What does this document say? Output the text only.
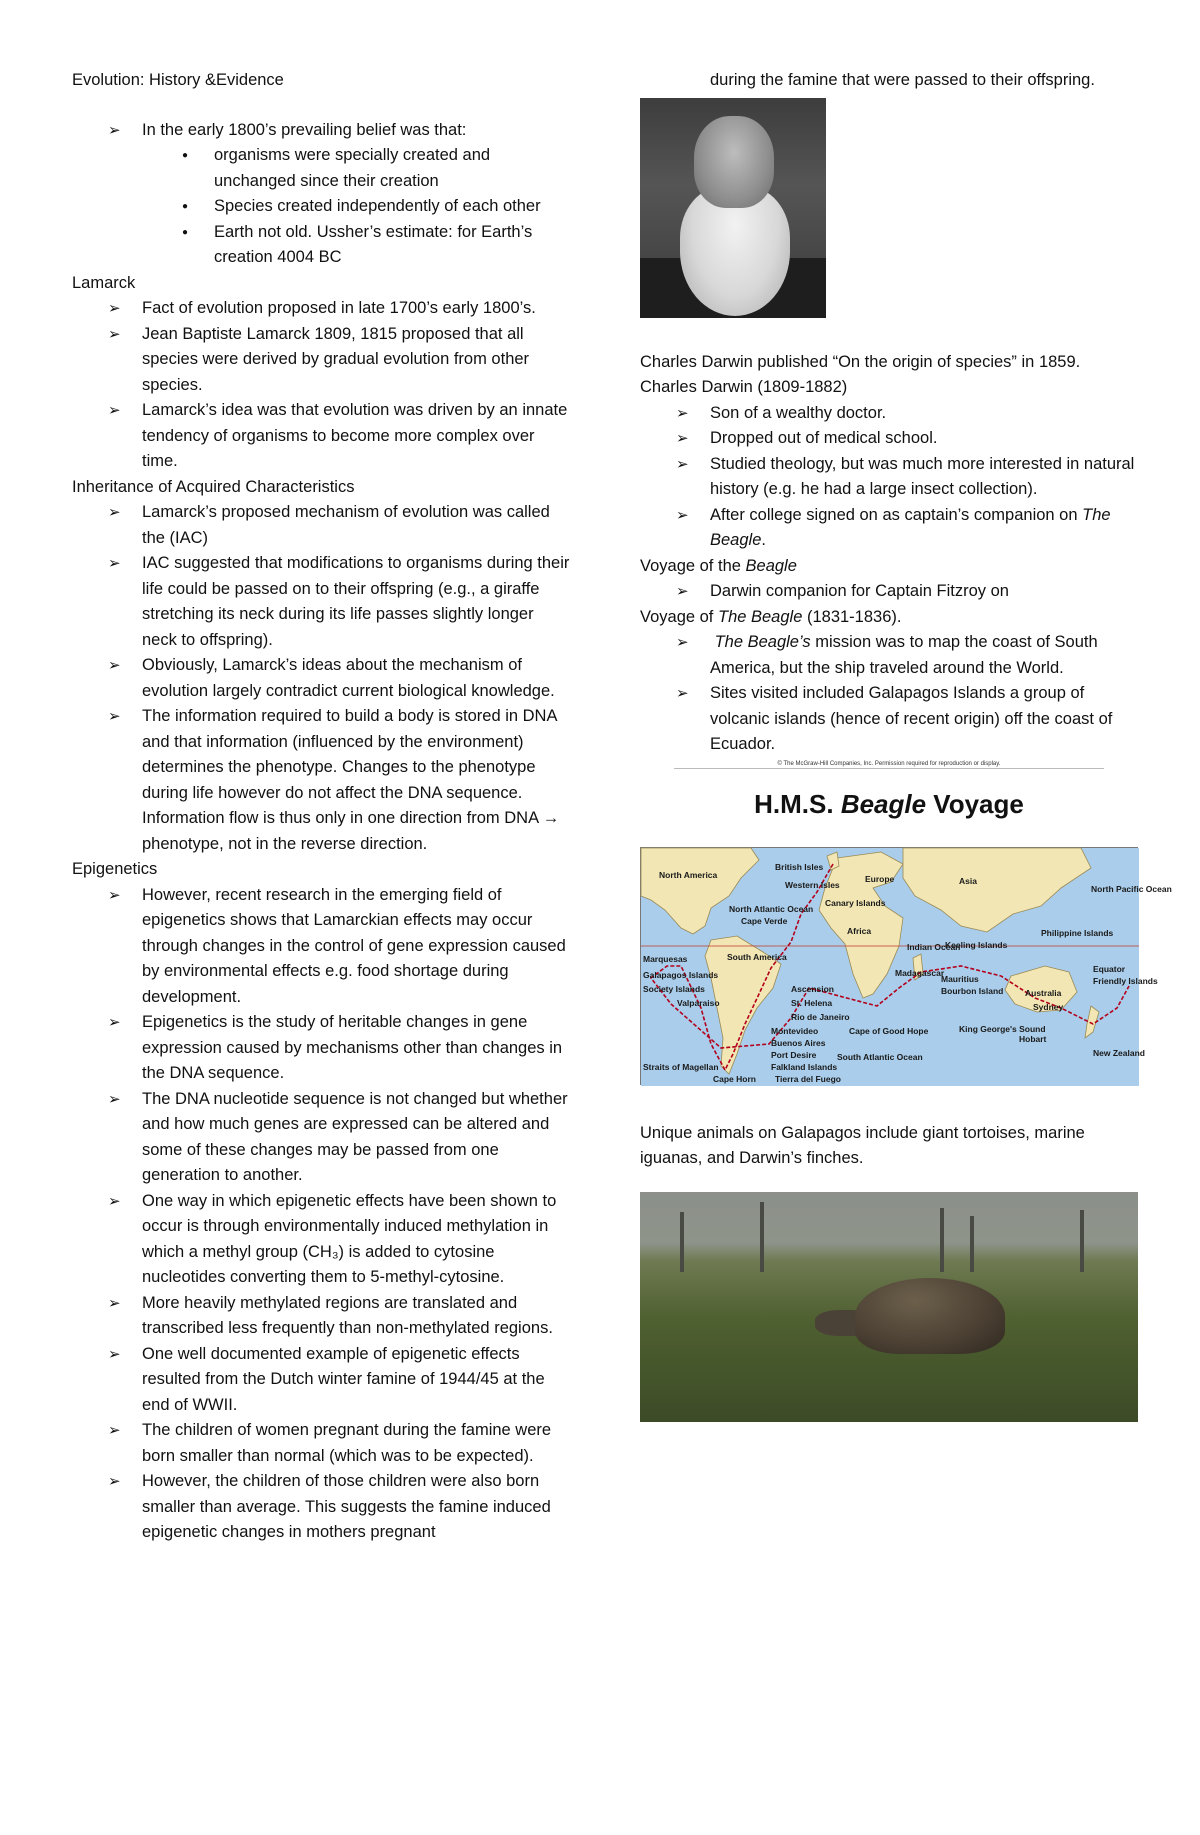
Evolution: History &Evidence
➢ In the early 1800’s prevailing belief was that:
● organisms were specially created and unchanged since their creation
● Species created independently of each other
● Earth not old. Ussher’s estimate: for Earth’s creation 4004 BC
Lamarck
➢ Fact of evolution proposed in late 1700’s early 1800’s.
➢ Jean Baptiste Lamarck 1809, 1815 proposed that all species were derived by gradual evolution from other species.
➢ Lamarck’s idea was that evolution was driven by an innate tendency of organisms to become more complex over time.
Inheritance of Acquired Characteristics
➢ Lamarck’s proposed mechanism of evolution was called the (IAC)
➢ IAC suggested that modifications to organisms during their life could be passed on to their offspring (e.g., a giraffe stretching its neck during its life passes slightly longer neck to offspring).
➢ Obviously, Lamarck’s ideas about the mechanism of evolution largely contradict current biological knowledge.
➢ The information required to build a body is stored in DNA and that information (influenced by the environment) determines the phenotype. Changes to the phenotype during life however do not affect the DNA sequence. Information flow is thus only in one direction from DNA → phenotype, not in the reverse direction.
Epigenetics
➢ However, recent research in the emerging field of epigenetics shows that Lamarckian effects may occur through changes in the control of gene expression caused by environmental effects e.g. food shortage during development.
➢ Epigenetics is the study of heritable changes in gene expression caused by mechanisms other than changes in the DNA sequence.
➢ The DNA nucleotide sequence is not changed but whether and how much genes are expressed can be altered and some of these changes may be passed from one generation to another.
➢ One way in which epigenetic effects have been shown to occur is through environmentally induced methylation in which a methyl group (CH₃) is added to cytosine nucleotides converting them to 5-methyl-cytosine.
➢ More heavily methylated regions are translated and transcribed less frequently than non-methylated regions.
➢ One well documented example of epigenetic effects resulted from the Dutch winter famine of 1944/45 at the end of WWII.
➢ The children of women pregnant during the famine were born smaller than normal (which was to be expected).
➢ However, the children of those children were also born smaller than average. This suggests the famine induced epigenetic changes in mothers pregnant
during the famine that were passed to their offspring.
Charles Darwin published “On the origin of species” in 1859.
Charles Darwin (1809-1882)
➢ Son of a wealthy doctor.
➢ Dropped out of medical school.
➢ Studied theology, but was much more interested in natural history (e.g. he had a large insect collection).
➢ After college signed on as captain’s companion on The Beagle.
Voyage of the Beagle
➢ Darwin companion for Captain Fitzroy on
Voyage of The Beagle (1831-1836).
➢ The Beagle’s mission was to map the coast of South America, but the ship traveled around the World.
➢ Sites visited included Galapagos Islands a group of volcanic islands (hence of recent origin) off the coast of Ecuador.
© The McGraw-Hill Companies, Inc. Permission required for reproduction or display.
H.M.S. Beagle Voyage
British Isles
North America
Western Isles
Europe	Asia
North Pacific Ocean
North Atlantic Ocean
Canary Islands
Cape Verde
Africa	Philippine Islands
Marquesas	South America
Indian Ocean
Keeling Islands
Equator
Galapagos Islands
Society Islands
Valparaiso
Ascension
St. Helena
Rio de Janeiro
Madagascar
Mauritius
Bourbon Island	Australia
Sydney
Friendly Islands
Montevideo
Buenos Aires
Port Desire
Falkland Islands
Cape of Good Hope
South Atlantic Ocean
King George's Sound
Hobart
New Zealand
Straits of Magellan
Cape Horn Tierra del Fuego
Unique animals on Galapagos include giant tortoises, marine iguanas, and Darwin’s finches.
